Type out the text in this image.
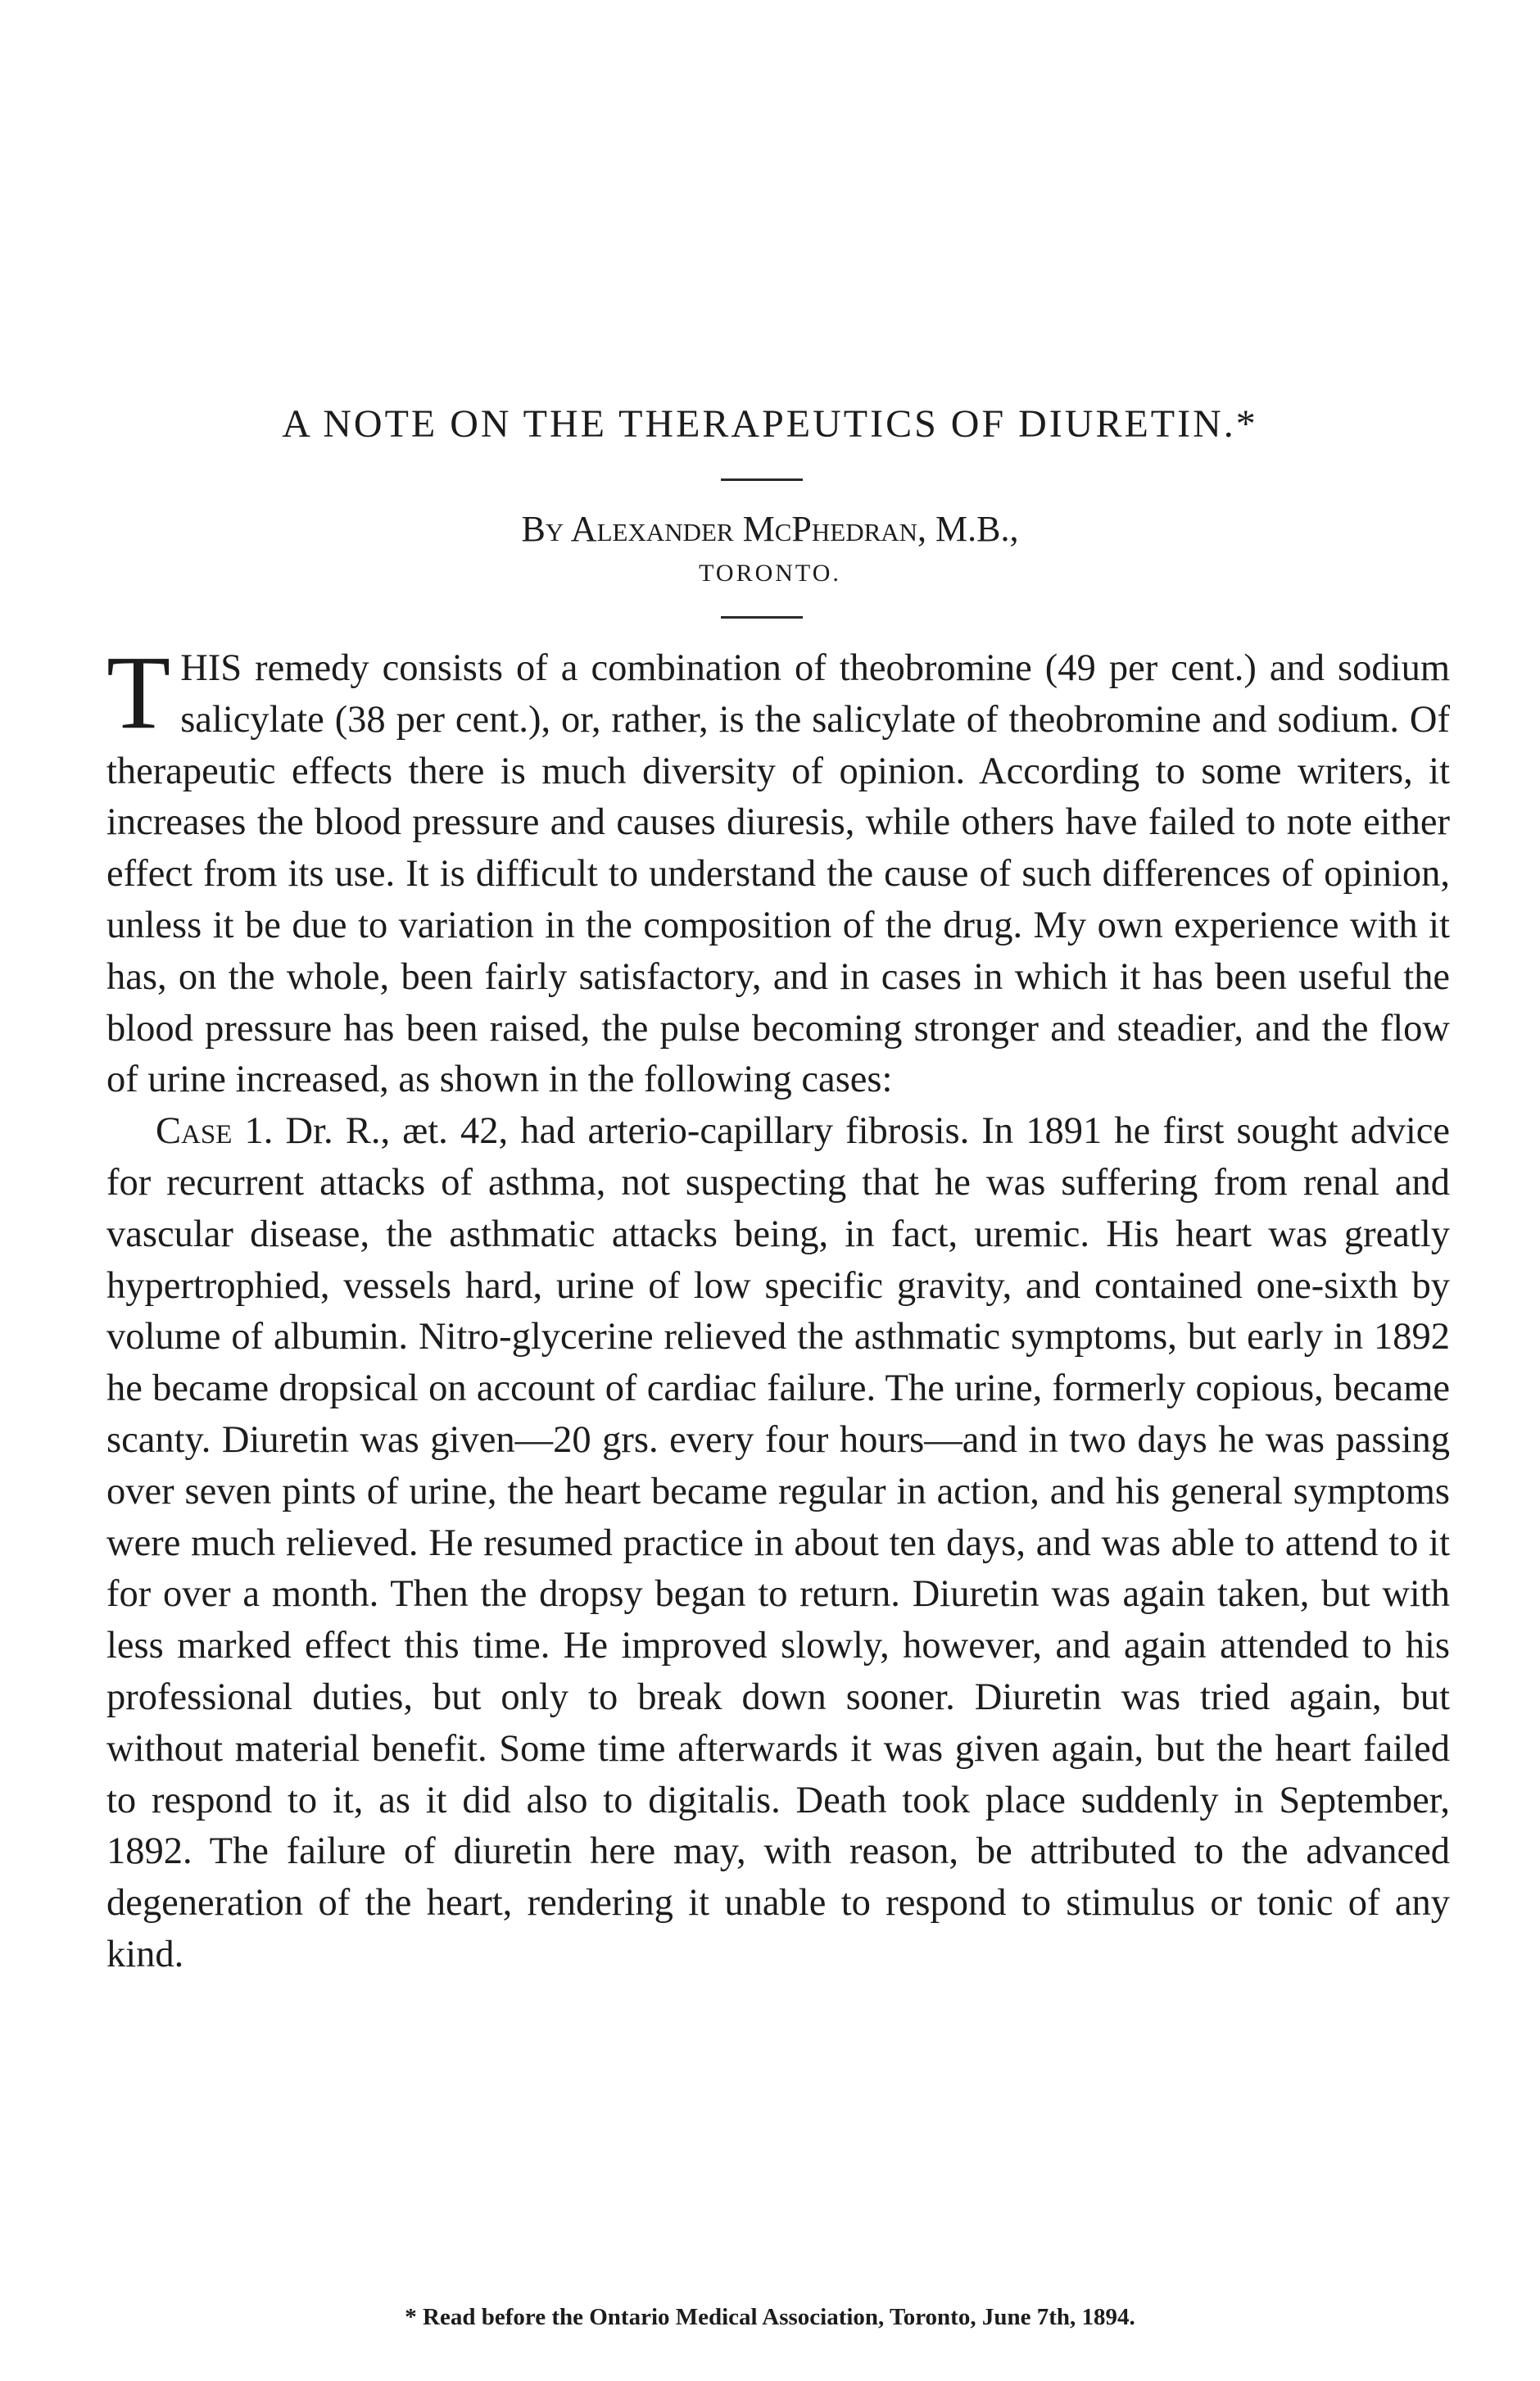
A NOTE ON THE THERAPEUTICS OF DIURETIN.*
By Alexander McPhedran, M.B.,
TORONTO.

THIS remedy consists of a combination of theobromine (49 per cent.) and sodium salicylate (38 per cent.), or, rather, is the salicylate of theobromine and sodium. Of therapeutic effects there is much diversity of opinion. According to some writers, it increases the blood pressure and causes diuresis, while others have failed to note either effect from its use. It is difficult to understand the cause of such differences of opinion, unless it be due to variation in the composition of the drug. My own experience with it has, on the whole, been fairly satisfactory, and in cases in which it has been useful the blood pressure has been raised, the pulse becoming stronger and steadier, and the flow of urine increased, as shown in the following cases:

Case 1. Dr. R., æt. 42, had arterio-capillary fibrosis. In 1891 he first sought advice for recurrent attacks of asthma, not suspecting that he was suffering from renal and vascular disease, the asthmatic attacks being, in fact, uremic. His heart was greatly hypertrophied, vessels hard, urine of low specific gravity, and contained one-sixth by volume of albumin. Nitro-glycerine relieved the asthmatic symptoms, but early in 1892 he became dropsical on account of cardiac failure. The urine, formerly copious, became scanty. Diuretin was given—20 grs. every four hours—and in two days he was passing over seven pints of urine, the heart became regular in action, and his general symptoms were much relieved. He resumed practice in about ten days, and was able to attend to it for over a month. Then the dropsy began to return. Diuretin was again taken, but with less marked effect this time. He improved slowly, however, and again attended to his professional duties, but only to break down sooner. Diuretin was tried again, but without material benefit. Some time afterwards it was given again, but the heart failed to respond to it, as it did also to digitalis. Death took place suddenly in September, 1892. The failure of diuretin here may, with reason, be attributed to the advanced degeneration of the heart, rendering it unable to respond to stimulus or tonic of any kind.

* Read before the Ontario Medical Association, Toronto, June 7th, 1894.
